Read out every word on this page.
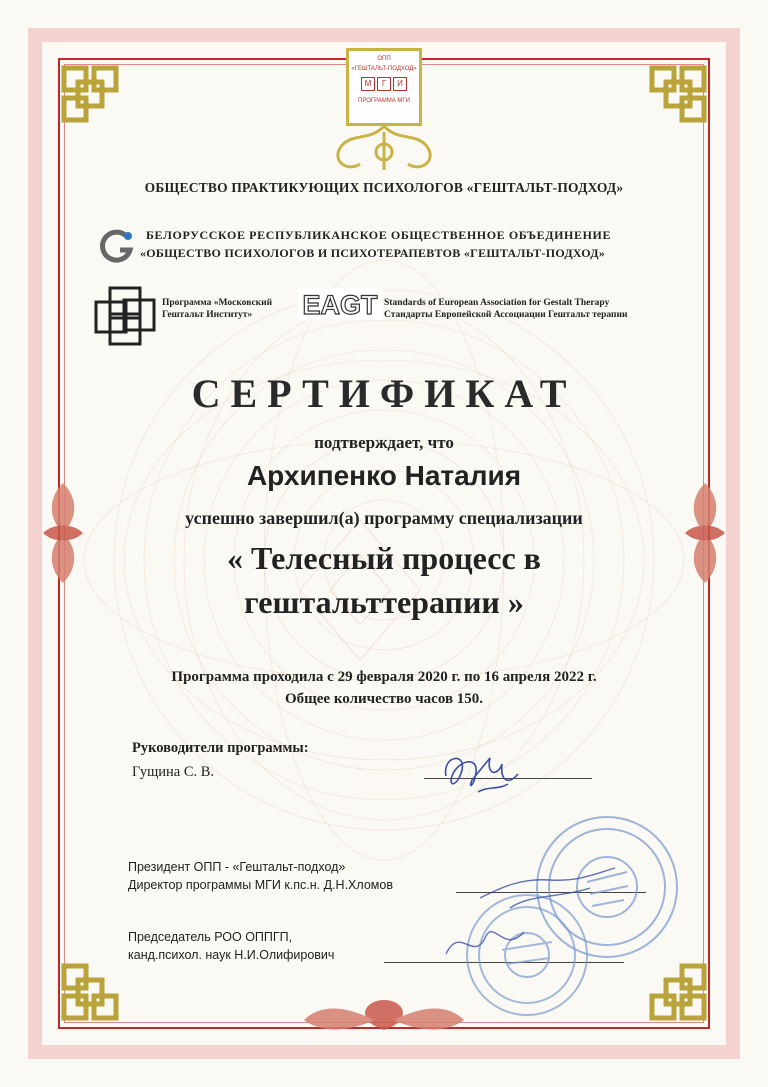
ОПП
«ГЕШТАЛЬТ-ПОДХОД»
М	Г	И
ПРОГРАММА МГИ
ОБЩЕСТВО ПРАКТИКУЮЩИХ ПСИХОЛОГОВ «ГЕШТАЛЬТ-ПОДХОД»
БЕЛОРУССКОЕ РЕСПУБЛИКАНСКОЕ ОБЩЕСТВЕННОЕ ОБЪЕДИНЕНИЕ
«ОБЩЕСТВО ПСИХОЛОГОВ И ПСИХОТЕРАПЕВТОВ «ГЕШТАЛЬТ-ПОДХОД»
Программа «Московский
Гештальт Институт»	EAGT Standards of European Association for Gestalt Therapy
Стандарты Европейской Ассоциации Гештальт терапии
СЕРТИФИКАТ
подтверждает, что
Архипенко Наталия
успешно завершил(а) программу специализации
« Телесный процесс в
гештальттерапии »
Программа проходила с 29 февраля 2020 г. по 16 апреля 2022 г.
Общее количество часов 150.
Руководители программы:
Гущина С. В.
Президент ОПП - «Гештальт-подход»
Директор программы МГИ к.пс.н. Д.Н.Хломов
Председатель РОО ОППГП,
канд.психол. наук Н.И.Олифирович
